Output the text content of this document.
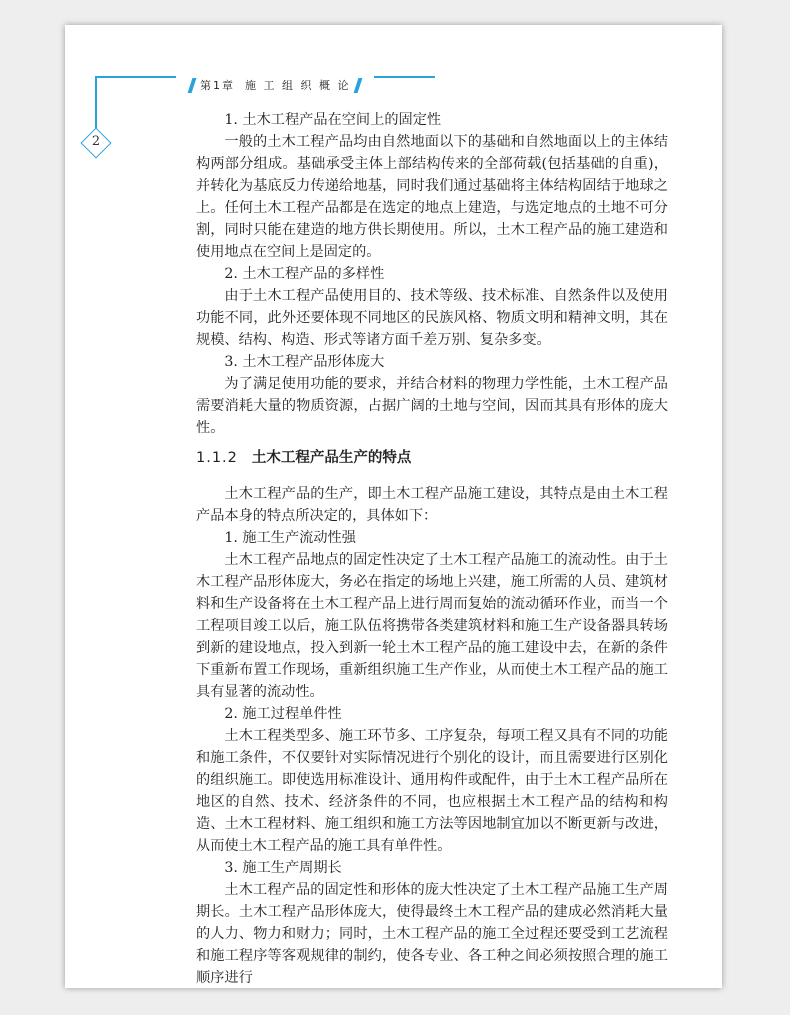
2
第1章 施 工 组 织 概 论

1. 土木工程产品在空间上的固定性

一般的土木工程产品均由自然地面以下的基础和自然地面以上的主体结构两部分组成。基础承受主体上部结构传来的全部荷载(包括基础的自重)，并转化为基底反力传递给地基，同时我们通过基础将主体结构固结于地球之上。任何土木工程产品都是在选定的地点上建造，与选定地点的土地不可分割，同时只能在建造的地方供长期使用。所以，土木工程产品的施工建造和使用地点在空间上是固定的。

2. 土木工程产品的多样性

由于土木工程产品使用目的、技术等级、技术标准、自然条件以及使用功能不同，此外还要体现不同地区的民族风格、物质文明和精神文明，其在规模、结构、构造、形式等诸方面千差万别、复杂多变。

3. 土木工程产品形体庞大

为了满足使用功能的要求，并结合材料的物理力学性能，土木工程产品需要消耗大量的物质资源，占据广阔的土地与空间，因而其具有形体的庞大性。

1.1.2 土木工程产品生产的特点

土木工程产品的生产，即土木工程产品施工建设，其特点是由土木工程产品本身的特点所决定的，具体如下：

1. 施工生产流动性强

土木工程产品地点的固定性决定了土木工程产品施工的流动性。由于土木工程产品形体庞大，务必在指定的场地上兴建，施工所需的人员、建筑材料和生产设备将在土木工程产品上进行周而复始的流动循环作业，而当一个工程项目竣工以后，施工队伍将携带各类建筑材料和施工生产设备器具转场到新的建设地点，投入到新一轮土木工程产品的施工建设中去，在新的条件下重新布置工作现场，重新组织施工生产作业，从而使土木工程产品的施工具有显著的流动性。

2. 施工过程单件性

土木工程类型多、施工环节多、工序复杂，每项工程又具有不同的功能和施工条件，不仅要针对实际情况进行个别化的设计，而且需要进行区别化的组织施工。即使选用标准设计、通用构件或配件，由于土木工程产品所在地区的自然、技术、经济条件的不同，也应根据土木工程产品的结构和构造、土木工程材料、施工组织和施工方法等因地制宜加以不断更新与改进，从而使土木工程产品的施工具有单件性。

3. 施工生产周期长

土木工程产品的固定性和形体的庞大性决定了土木工程产品施工生产周期长。土木工程产品形体庞大，使得最终土木工程产品的建成必然消耗大量的人力、物力和财力；同时，土木工程产品的施工全过程还要受到工艺流程和施工程序等客观规律的制约，使各专业、各工种之间必须按照合理的施工顺序进行
